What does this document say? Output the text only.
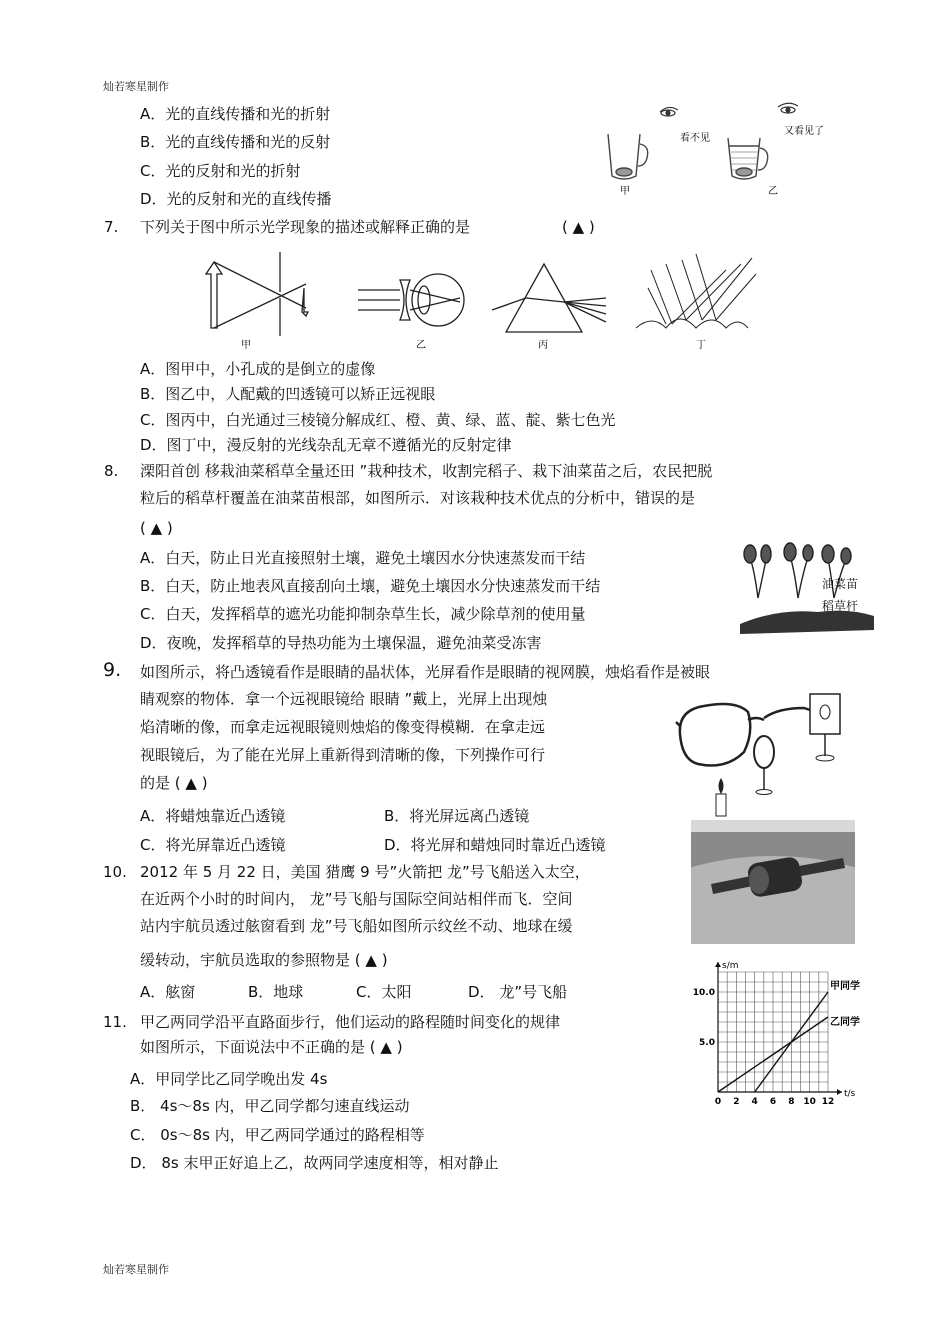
灿若寒星制作
灿若寒星制作
A．光的直线传播和光的折射
B．光的直线传播和光的反射
C．光的反射和光的折射
D．光的反射和光的直线传播
看不见
又看见了
甲	乙
7. 下列关于图中所示光学现象的描述或解释正确的是	( ▲ )
甲	乙	丙	丁
A．图甲中，小孔成的是倒立的虚像
B．图乙中，人配戴的凹透镜可以矫正远视眼
C．图丙中，白光通过三棱镜分解成红、橙、黄、绿、蓝、靛、紫七色光
D．图丁中，漫反射的光线杂乱无章不遵循光的反射定律
8. 溧阳首创 移栽油菜稻草全量还田 ”栽种技术，收割完稻子、栽下油菜苗之后，农民把脱
粒后的稻草杆覆盖在油菜苗根部，如图所示．对该栽种技术优点的分析中，错误的是
( ▲ )
A．白天，防止日光直接照射土壤，避免土壤因水分快速蒸发而干结
B．白天，防止地表风直接刮向土壤，避免土壤因水分快速蒸发而干结
C．白天，发挥稻草的遮光功能抑制杂草生长，减少除草剂的使用量
D．夜晚，发挥稻草的导热功能为土壤保温，避免油菜受冻害
油菜苗
稻草杆
9. 如图所示，将凸透镜看作是眼睛的晶状体，光屏看作是眼睛的视网膜，烛焰看作是被眼
睛观察的物体．拿一个远视眼镜给 眼睛 ”戴上，光屏上出现烛
焰清晰的像，而拿走远视眼镜则烛焰的像变得模糊．在拿走远
视眼镜后，为了能在光屏上重新得到清晰的像，下列操作可行
的是 ( ▲ )
A．将蜡烛靠近凸透镜	B．将光屏远离凸透镜
C．将光屏靠近凸透镜	D．将光屏和蜡烛同时靠近凸透镜
10. 2012 年 5 月 22 日，美国 猎鹰 9 号”火箭把 龙”号飞船送入太空，
在近两个小时的时间内， 龙”号飞船与国际空间站相伴而飞．空间
站内宇航员透过舷窗看到 龙”号飞船如图所示纹丝不动、地球在缓
缓转动，宇航员选取的参照物是 ( ▲ )
A．舷窗	B．地球	C．太阳	D． 龙”号飞船
11. 甲乙两同学沿平直路面步行，他们运动的路程随时间变化的规律
如图所示，下面说法中不正确的是 ( ▲ )
A．甲同学比乙同学晚出发 4s
B． 4s～8s 内，甲乙同学都匀速直线运动
C． 0s～8s 内，甲乙两同学通过的路程相等
D． 8s 末甲正好追上乙，故两同学速度相等，相对静止
t/s
s/m
0 2 4 6 8 10 12
5.0
10.0
甲同学
乙同学
